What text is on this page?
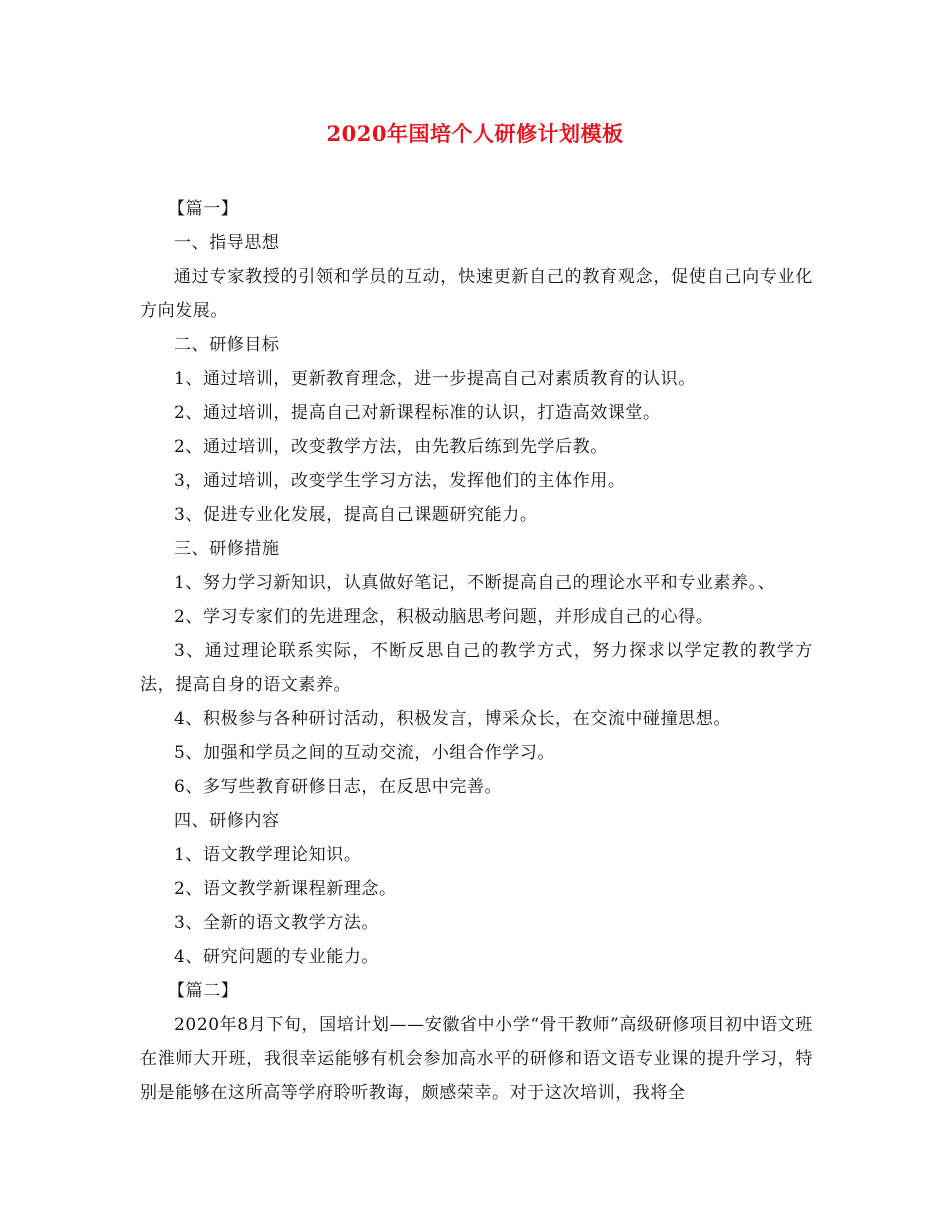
2020年国培个人研修计划模板

【篇一】

一、指导思想

通过专家教授的引领和学员的互动，快速更新自己的教育观念，促使自己向专业化方向发展。

二、研修目标

1、通过培训，更新教育理念，进一步提高自己对素质教育的认识。

2、通过培训，提高自己对新课程标准的认识，打造高效课堂。

2、通过培训，改变教学方法，由先教后练到先学后教。

3，通过培训，改变学生学习方法，发挥他们的主体作用。

3、促进专业化发展，提高自己课题研究能力。

三、研修措施

1、努力学习新知识，认真做好笔记，不断提高自己的理论水平和专业素养。、

2、学习专家们的先进理念，积极动脑思考问题，并形成自己的心得。

3、通过理论联系实际，不断反思自己的教学方式，努力探求以学定教的教学方法，提高自身的语文素养。

4、积极参与各种研讨活动，积极发言，博采众长，在交流中碰撞思想。

5、加强和学员之间的互动交流，小组合作学习。

6、多写些教育研修日志，在反思中完善。

四、研修内容

1、语文教学理论知识。

2、语文教学新课程新理念。

3、全新的语文教学方法。

4、研究问题的专业能力。

【篇二】

2020年8月下旬，国培计划——安徽省中小学“骨干教师”高级研修项目初中语文班在淮师大开班，我很幸运能够有机会参加高水平的研修和语文语专业课的提升学习，特别是能够在这所高等学府聆听教诲，颇感荣幸。对于这次培训，我将全
